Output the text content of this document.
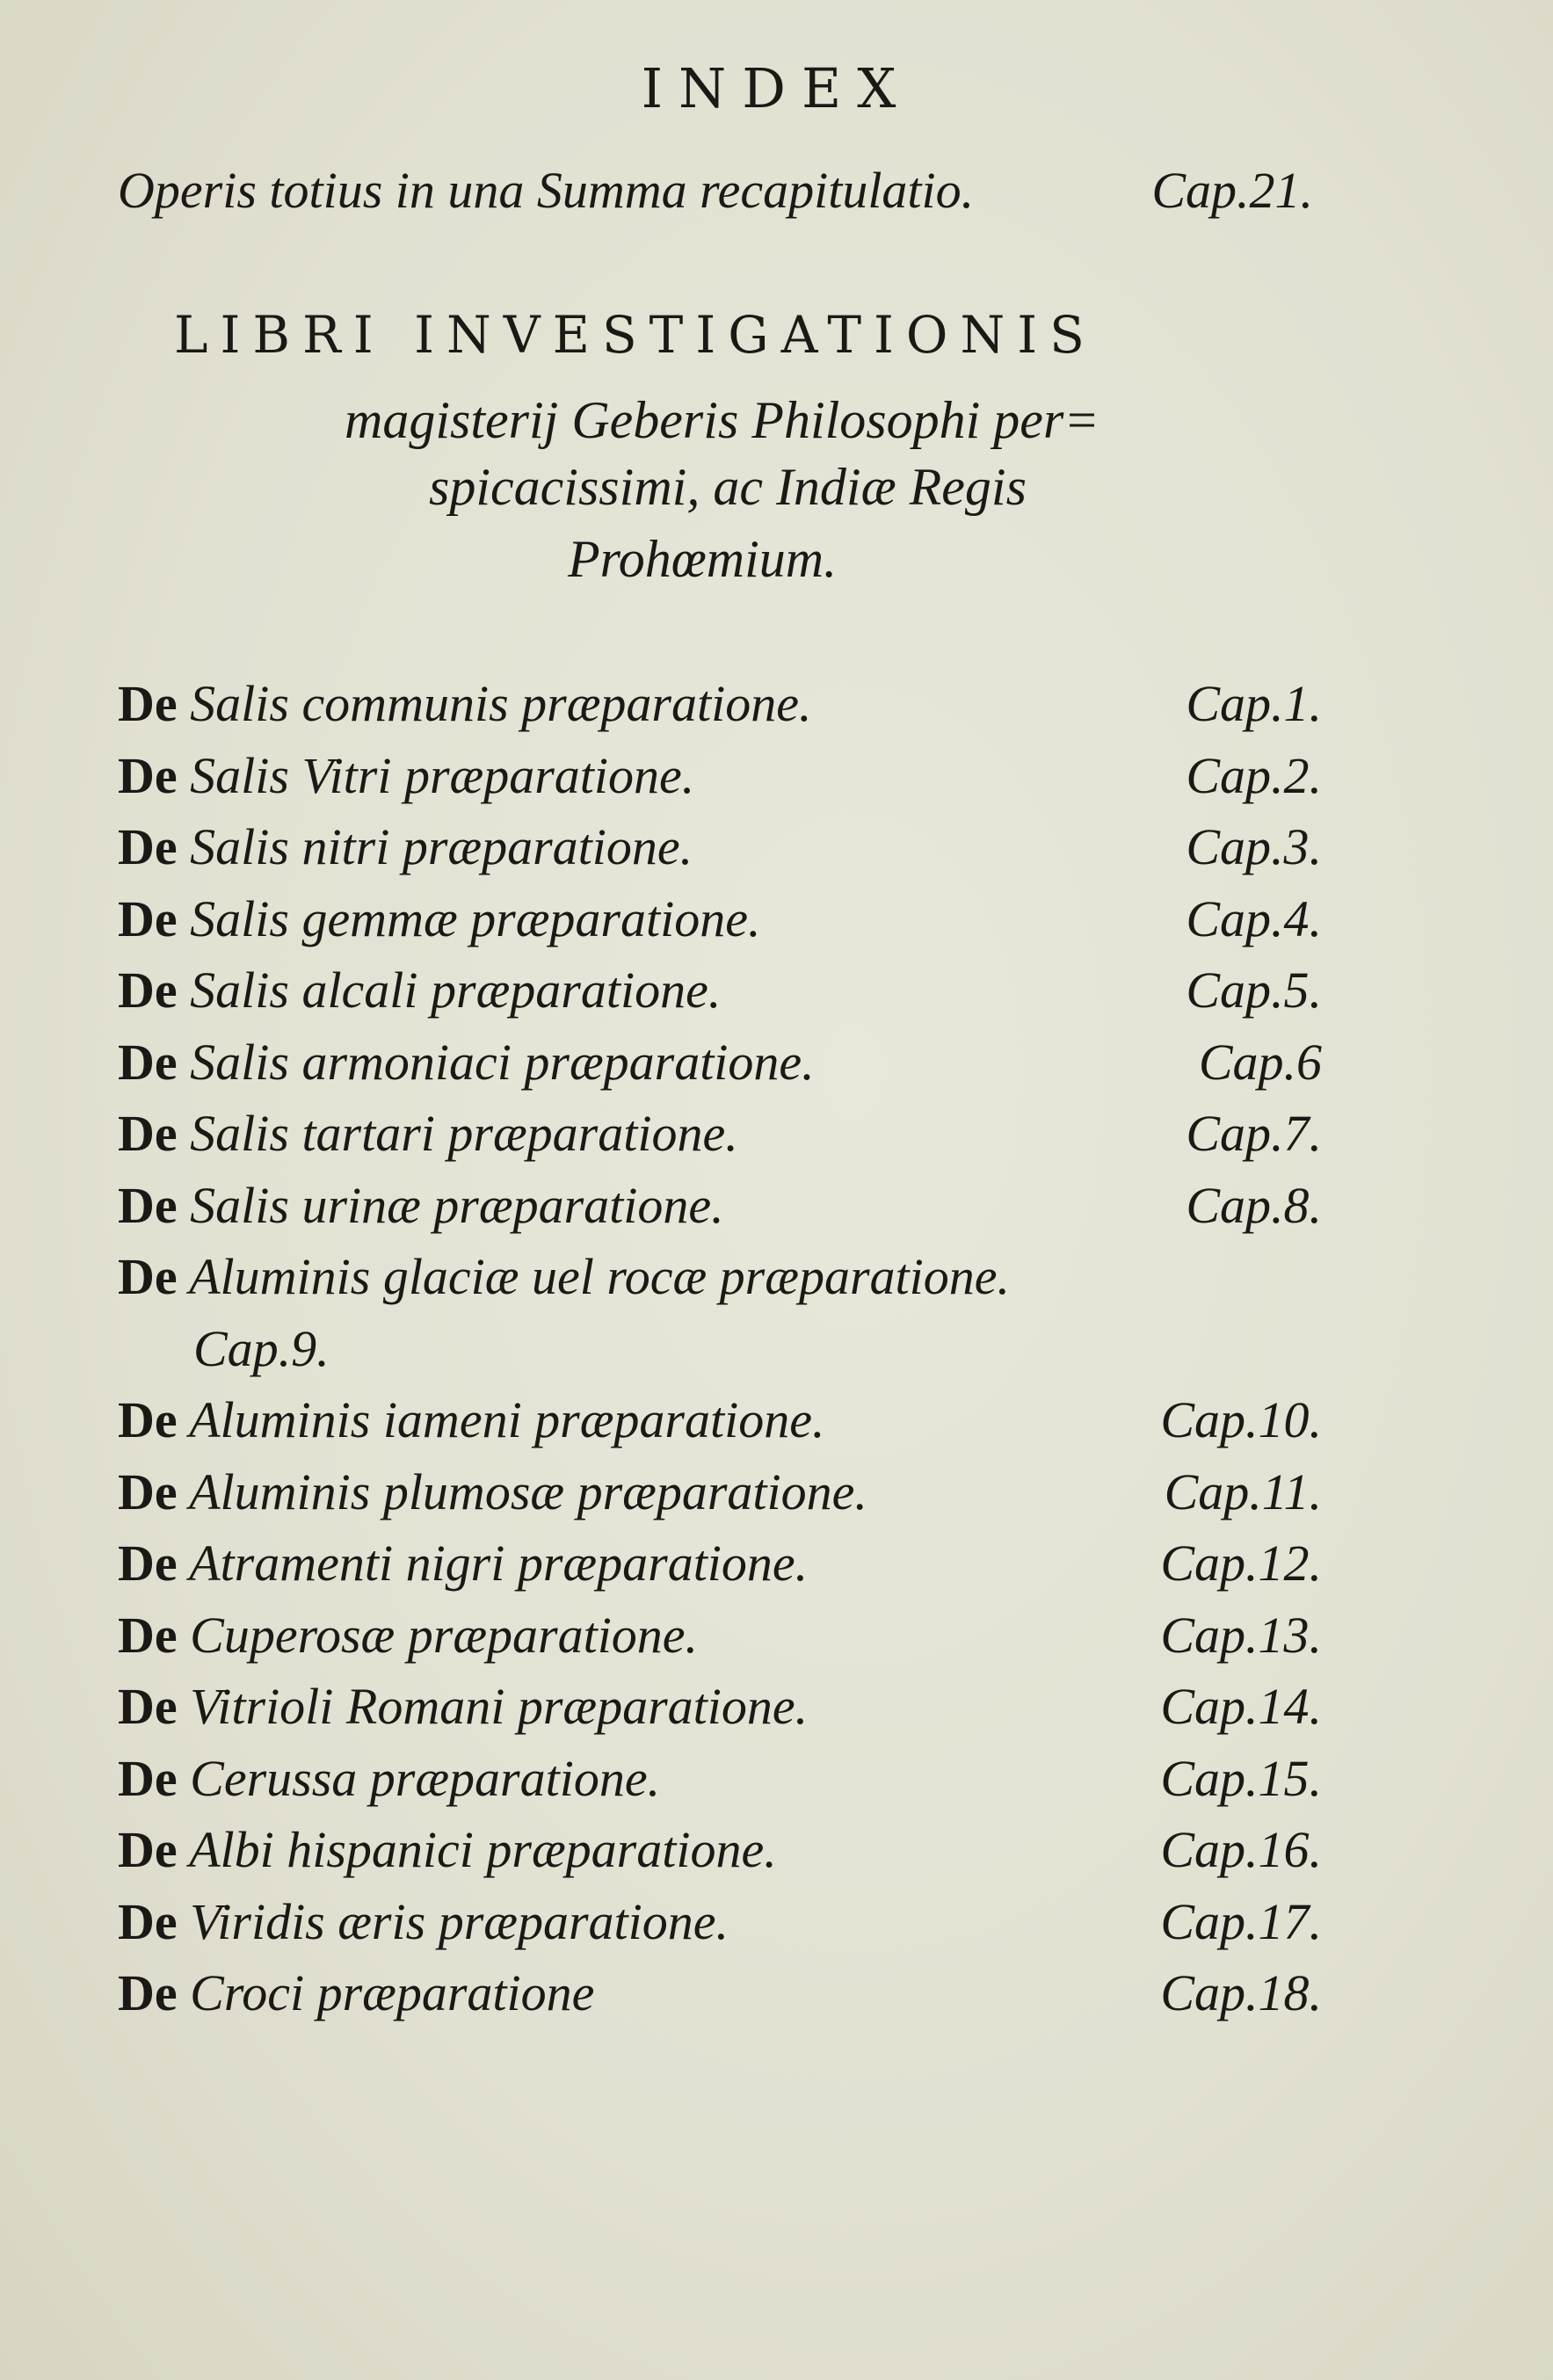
INDEX
Operis totius in una Summa recapitulatio.	Cap.21.
LIBRI INVESTIGATIONIS
magisterij Geberis Philosophi per=
spicacissimi, ac Indiæ Regis
Prohœmium.
De Salis communis præparatione.	Cap.1.
De Salis Vitri præparatione.	Cap.2.
De Salis nitri præparatione.	Cap.3.
De Salis gemmæ præparatione.	Cap.4.
De Salis alcali præparatione.	Cap.5.
De Salis armoniaci præparatione.	Cap.6
De Salis tartari præparatione.	Cap.7.
De Salis urinæ præparatione.	Cap.8.
De Aluminis glaciæ uel rocæ præparatione.
Cap.9.
De Aluminis iameni præparatione.	Cap.10.
De Aluminis plumosæ præparatione.	Cap.11.
De Atramenti nigri præparatione.	Cap.12.
De Cuperosæ præparatione.	Cap.13.
De Vitrioli Romani præparatione.	Cap.14.
De Cerussa præparatione.	Cap.15.
De Albi hispanici præparatione.	Cap.16.
De Viridis æris præparatione.	Cap.17.
De Croci præparatione	Cap.18.
